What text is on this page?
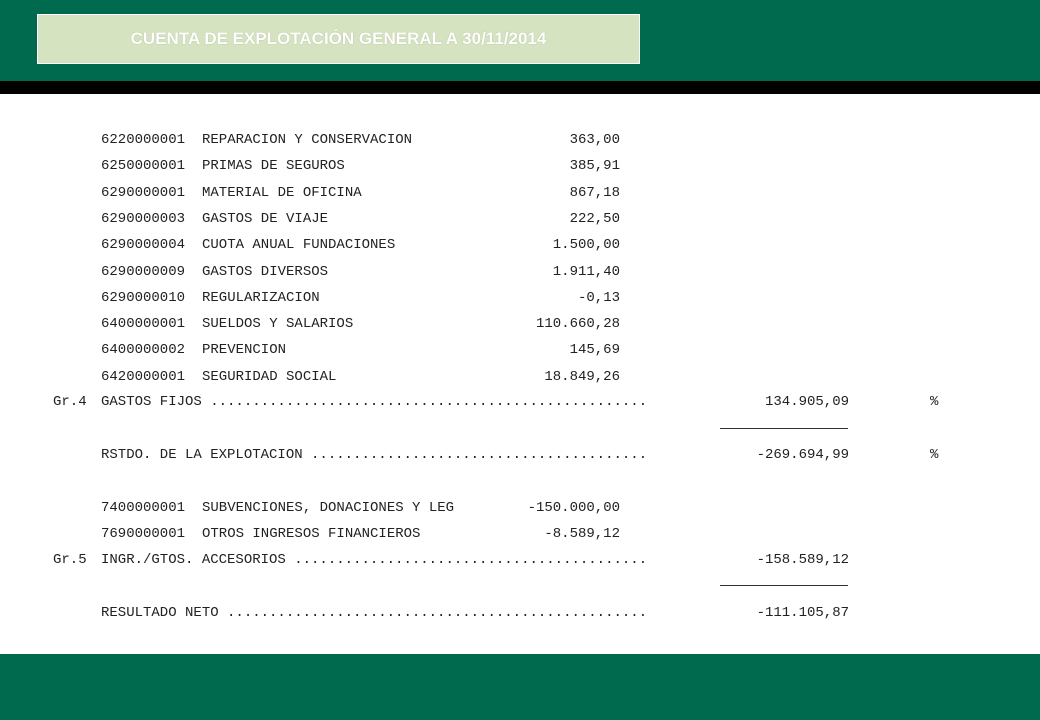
CUENTA DE EXPLOTACIÓN GENERAL A 30/11/2014
6220000001 REPARACION Y CONSERVACION	363,00
6250000001 PRIMAS DE SEGUROS	385,91
6290000001 MATERIAL DE OFICINA	867,18
6290000003 GASTOS DE VIAJE	222,50
6290000004 CUOTA ANUAL FUNDACIONES	1.500,00
6290000009 GASTOS DIVERSOS	1.911,40
6290000010 REGULARIZACION	-0,13
6400000001 SUELDOS Y SALARIOS	110.660,28
6400000002 PREVENCION	145,69
6420000001 SEGURIDAD SOCIAL	18.849,26
Gr.4 GASTOS FIJOS ....................................................	134.905,09	%
RSTDO. DE LA EXPLOTACION ........................................	-269.694,99	%
7400000001 SUBVENCIONES, DONACIONES Y LEG	-150.000,00
7690000001 OTROS INGRESOS FINANCIEROS	-8.589,12
Gr.5 INGR./GTOS. ACCESORIOS ..........................................	-158.589,12
RESULTADO NETO ..................................................	-111.105,87
